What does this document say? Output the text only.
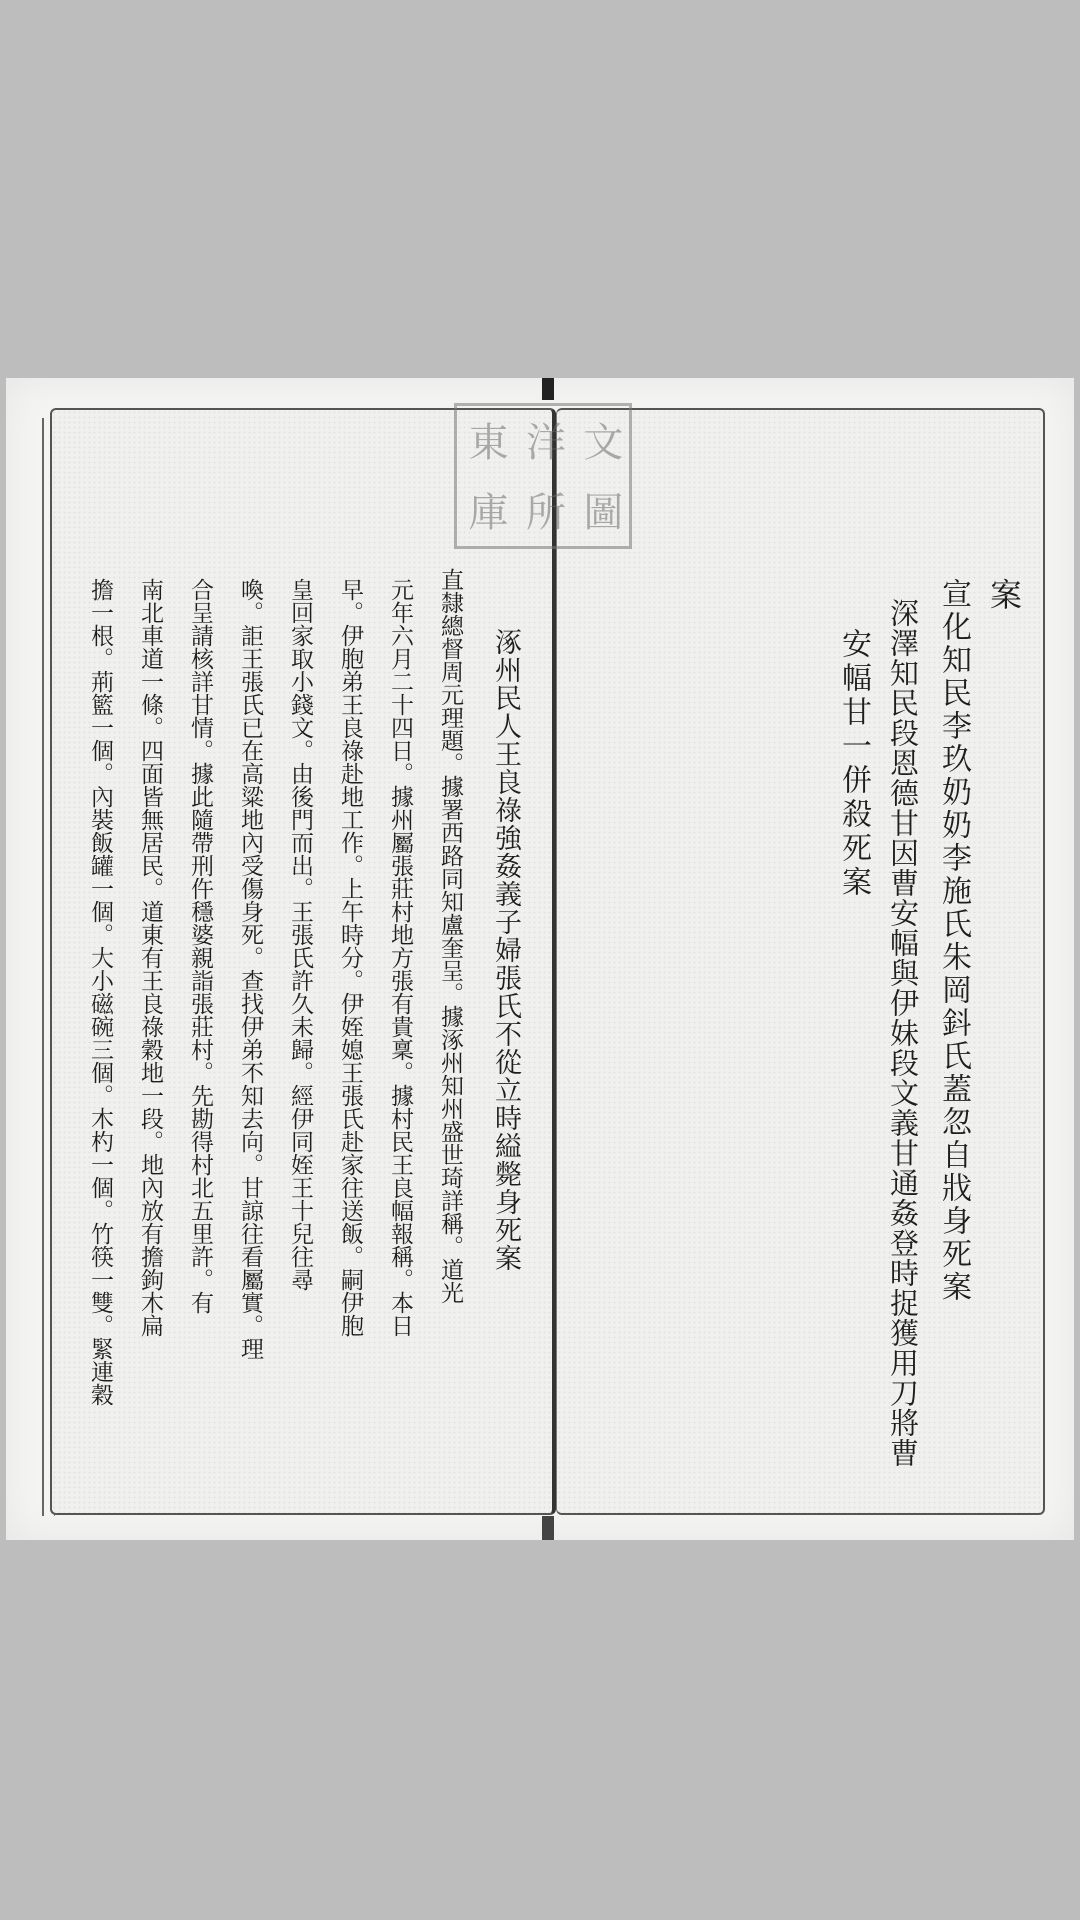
東 洋 文
庫 所 圖
案
宣化知民李玖奶奶李施氏朱岡鈄氏蓋忽自戕身死案
深澤知民段恩德甘因曹安幅與伊妹段文義甘通姦登時捉獲用刀將曹
安幅甘一併殺死案
涿州民人王良祿強姦義子婦張氏不從立時縊斃身死案
直隸總督周元理題。據署西路同知盧奎呈。據涿州知州盛世琦詳稱。道光
元年六月二十四日。據州屬張莊村地方張有貴稟。據村民王良幅報稱。本日
早。伊胞弟王良祿赴地工作。上午時分。伊姪媳王張氏赴家往送飯。嗣伊胞
皇回家取小錢文。由後門而出。王張氏許久未歸。經伊同姪王十兒往尋
喚。詎王張氏已在高粱地內受傷身死。查找伊弟不知去向。甘諒往看屬實。理
合呈請核詳甘情。據此隨帶刑仵穩婆親詣張莊村。先勘得村北五里許。有
南北車道一條。四面皆無居民。道東有王良祿穀地一段。地內放有擔鉤木扁
擔一根。荊籃一個。內裝飯罐一個。大小磁碗三個。木杓一個。竹筷一雙。緊連穀
